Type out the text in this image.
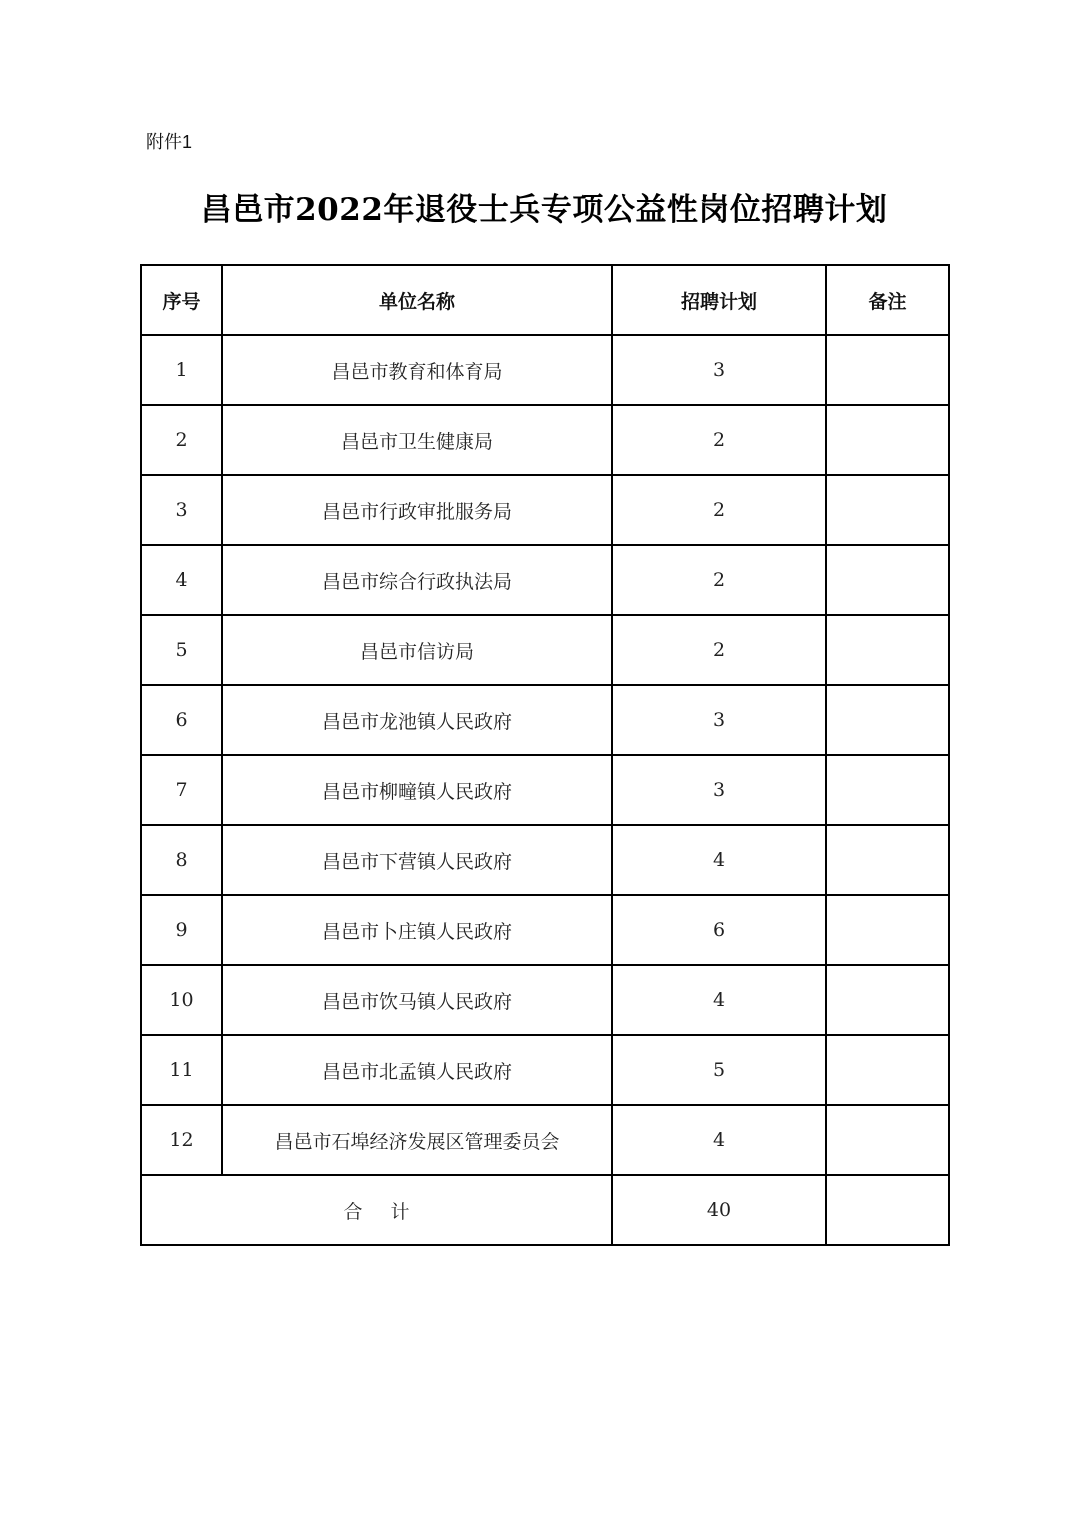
附件1
昌邑市2022年退役士兵专项公益性岗位招聘计划
序号	单位名称	招聘计划	备注
1	昌邑市教育和体育局	3	
2	昌邑市卫生健康局	2	
3	昌邑市行政审批服务局	2	
4	昌邑市综合行政执法局	2	
5	昌邑市信访局	2	
6	昌邑市龙池镇人民政府	3	
7	昌邑市柳疃镇人民政府	3	
8	昌邑市下营镇人民政府	4	
9	昌邑市卜庄镇人民政府	6	
10	昌邑市饮马镇人民政府	4	
11	昌邑市北孟镇人民政府	5	
12	昌邑市石埠经济发展区管理委员会	4	
合计		40	
